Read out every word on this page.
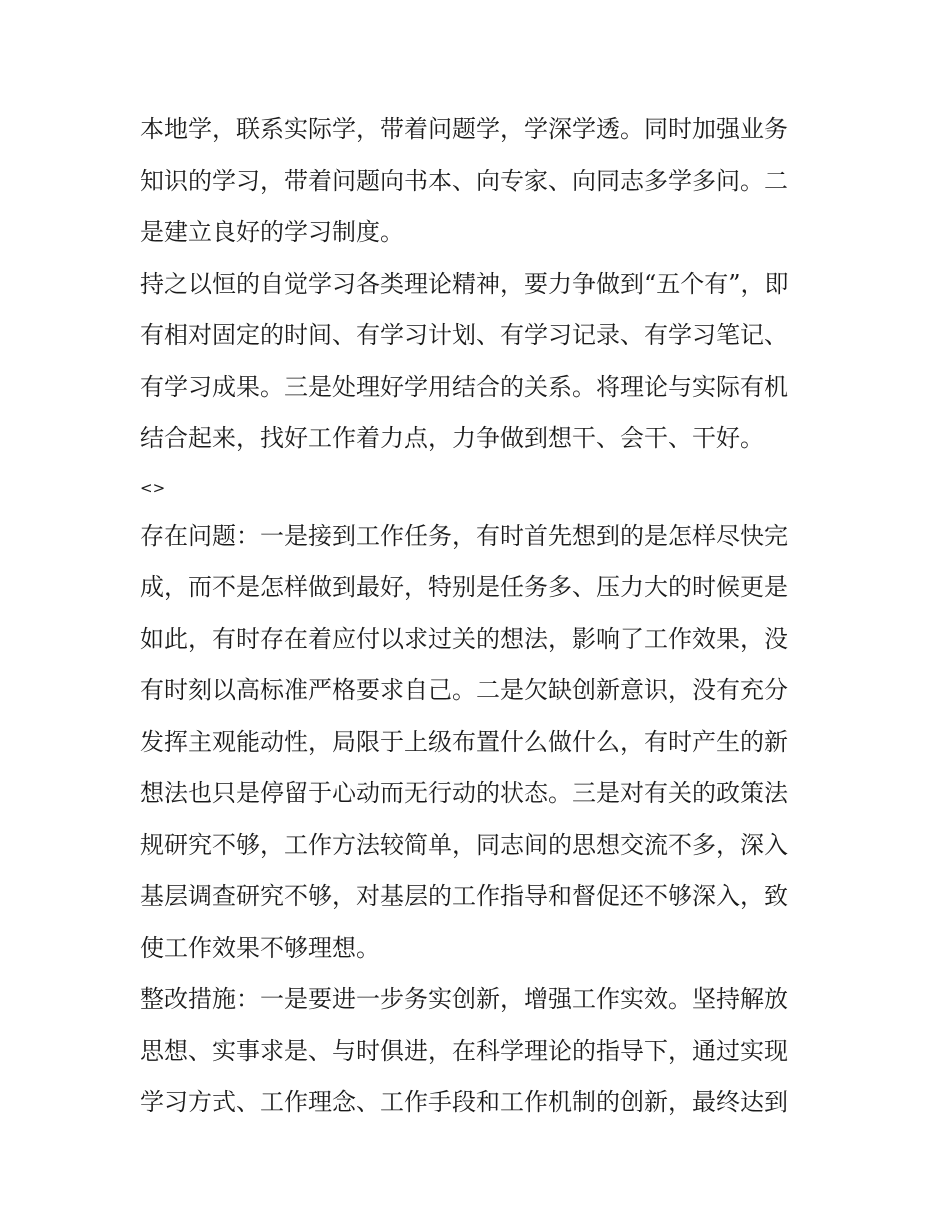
本地学，联系实际学，带着问题学，学深学透。同时加强业务
知识的学习，带着问题向书本、向专家、向同志多学多问。二
是建立良好的学习制度。
持之以恒的自觉学习各类理论精神，要力争做到“五个有”，即
有相对固定的时间、有学习计划、有学习记录、有学习笔记、
有学习成果。三是处理好学用结合的关系。将理论与实际有机
结合起来，找好工作着力点，力争做到想干、会干、干好。
<>
存在问题：一是接到工作任务，有时首先想到的是怎样尽快完
成，而不是怎样做到最好，特别是任务多、压力大的时候更是
如此，有时存在着应付以求过关的想法，影响了工作效果，没
有时刻以高标准严格要求自己。二是欠缺创新意识，没有充分
发挥主观能动性，局限于上级布置什么做什么，有时产生的新
想法也只是停留于心动而无行动的状态。三是对有关的政策法
规研究不够，工作方法较简单，同志间的思想交流不多，深入
基层调查研究不够，对基层的工作指导和督促还不够深入，致
使工作效果不够理想。
整改措施：一是要进一步务实创新，增强工作实效。坚持解放
思想、实事求是、与时俱进，在科学理论的指导下，通过实现
学习方式、工作理念、工作手段和工作机制的创新，最终达到
